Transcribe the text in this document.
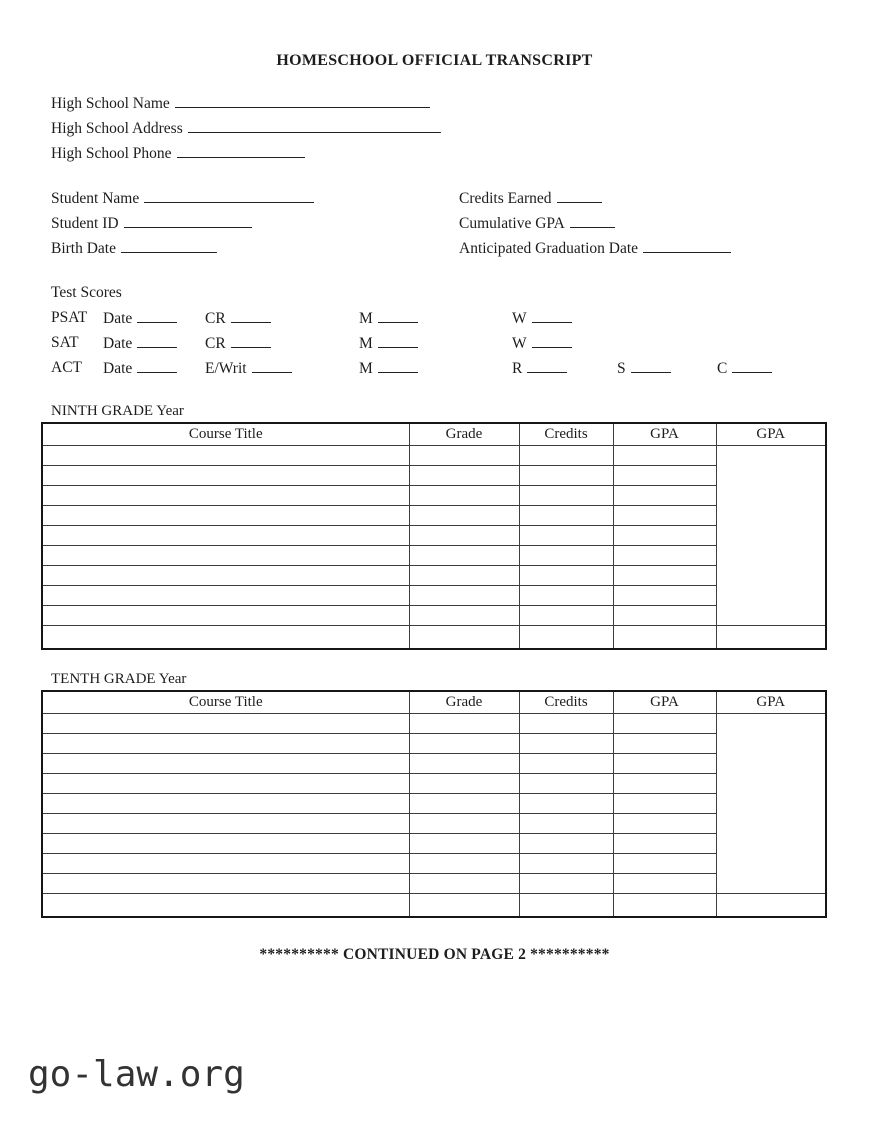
HOMESCHOOL OFFICIAL TRANSCRIPT
High School Name
High School Address
High School Phone
Student Name
Student ID
Birth Date
Credits Earned
Cumulative GPA
Anticipated Graduation Date
Test Scores
PSAT Date	CR	M	W
SAT Date	CR	M	W
ACT Date	E/Writ	M	R	S	C
NINTH GRADE Year
Course Title	Grade	Credits	GPA	GPA

TENTH GRADE Year
Course Title	Grade	Credits	GPA	GPA

********** CONTINUED ON PAGE 2 **********
go-law.org
